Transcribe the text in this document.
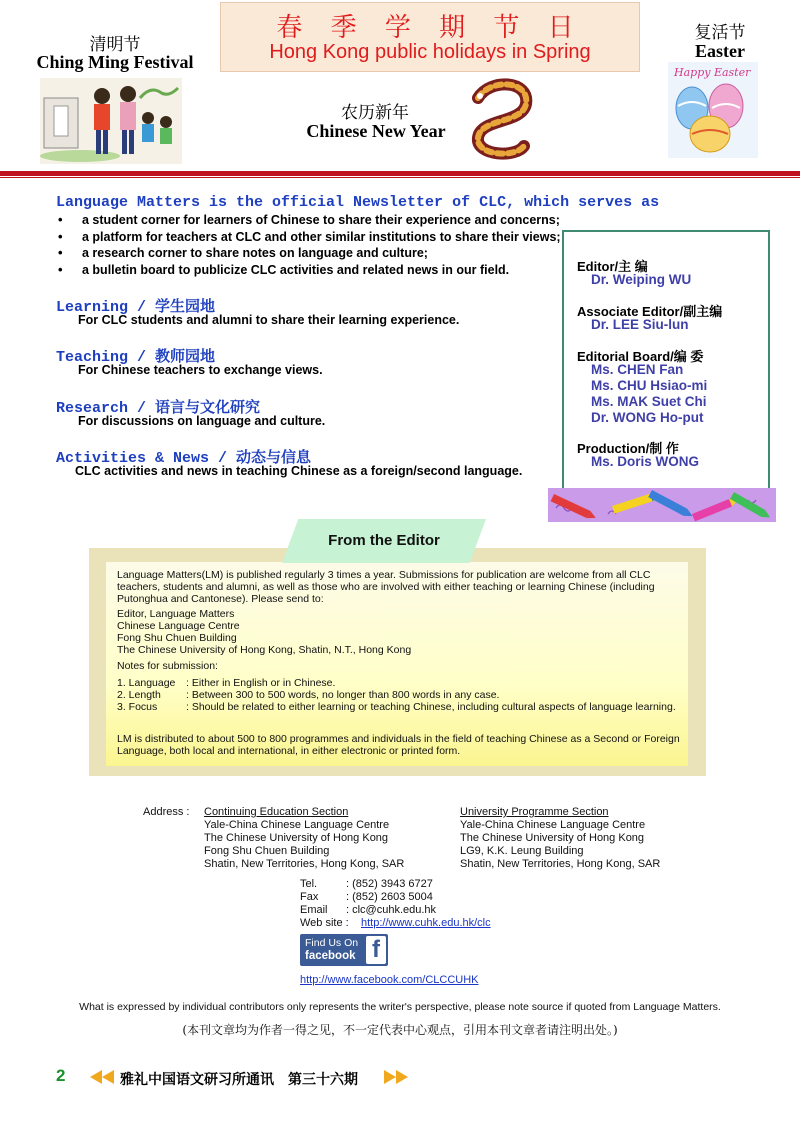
春 季 学 期 节 日
Hong Kong public holidays in Spring
清明节
Ching Ming Festival
复活节
Easter
Happy Easter
农历新年
Chinese New Year
Language Matters is the official Newsletter of CLC, which serves as
• a student corner for learners of Chinese to share their experience and concerns;
• a platform for teachers at CLC and other similar institutions to share their views;
• a research corner to share notes on language and culture;
• a bulletin board to publicize CLC activities and related news in our field.
Learning / 学生园地
For CLC students and alumni to share their learning experience.
Teaching / 教师园地
For Chinese teachers to exchange views.
Research / 语言与文化研究
For discussions on language and culture.
Activities & News / 动态与信息
CLC activities and news in teaching Chinese as a foreign/second language.
Editor/主 编
Dr. Weiping WU
Associate Editor/副主编
Dr. LEE Siu-lun
Editorial Board/编 委
Ms. CHEN Fan
Ms. CHU Hsiao-mi
Ms. MAK Suet Chi
Dr. WONG Ho-put
Production/制 作
Ms. Doris WONG
From the Editor
Language Matters(LM) is published regularly 3 times a year. Submissions for publication are welcome from all CLC teachers, students and alumni, as well as those who are involved with either teaching or learning Chinese (including Putonghua and Cantonese). Please send to:
Editor, Language Matters
Chinese Language Centre
Fong Shu Chuen Building
The Chinese University of Hong Kong, Shatin, N.T., Hong Kong
Notes for submission:
1. Language : Either in English or in Chinese.
2. Length : Between 300 to 500 words, no longer than 800 words in any case.
3. Focus	: Should be related to either learning or teaching Chinese, including cultural aspects of language learning.
LM is distributed to about 500 to 800 programmes and individuals in the field of teaching Chinese as a Second or Foreign Language, both local and international, in either electronic or printed form.
Address : Continuing Education Section
Yale-China Chinese Language Centre
The Chinese University of Hong Kong
Fong Shu Chuen Building
Shatin, New Territories, Hong Kong, SAR
University Programme Section
Yale-China Chinese Language Centre
The Chinese University of Hong Kong
LG9, K.K. Leung Building
Shatin, New Territories, Hong Kong, SAR
Tel.	: (852) 3943 6727
Fax	: (852) 2603 5004
Email : clc@cuhk.edu.hk
Web site : http://www.cuhk.edu.hk/clc
Find Us On
facebook f
http://www.facebook.com/CLCCUHK
What is expressed by individual contributors only represents the writer's perspective, please note source if quoted from Language Matters.
(本刊文章均为作者一得之见，不一定代表中心观点，引用本刊文章者请注明出处。)
2	雅礼中国语文研习所通讯　第三十六期
